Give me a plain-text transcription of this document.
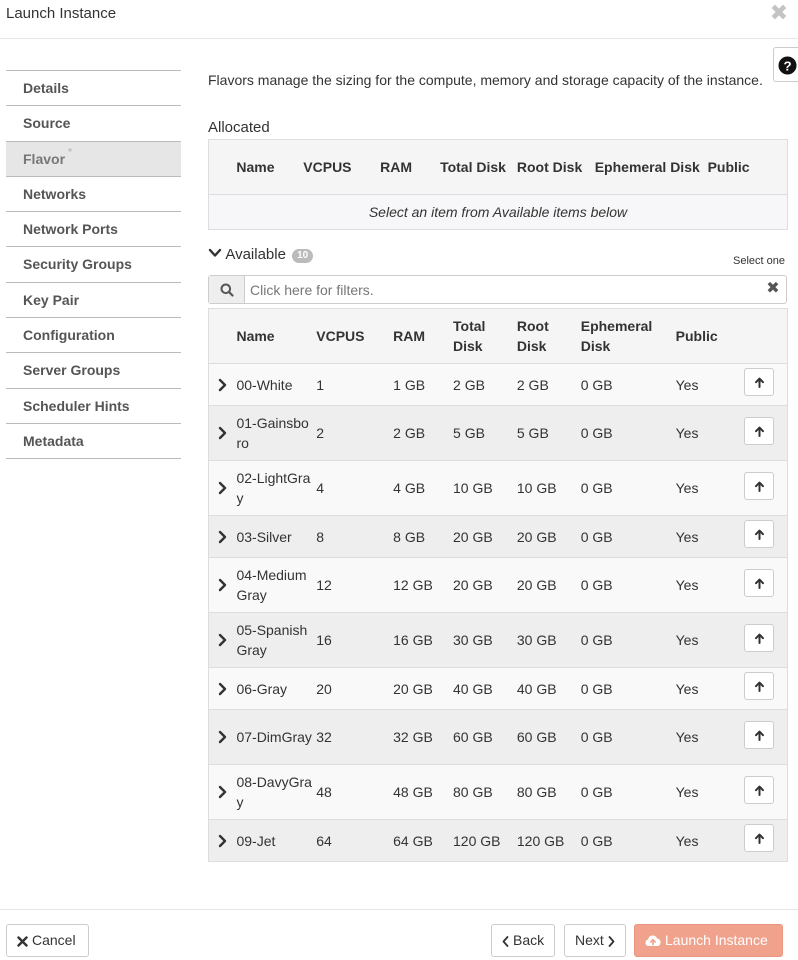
Launch Instance	✖
?
Details
Source
Flavor *
Networks
Network Ports
Security Groups
Key Pair
Configuration
Server Groups
Scheduler Hints
Metadata
Flavors manage the sizing for the compute, memory and storage capacity of the instance.
Allocated
	Name	VCPUS	RAM	Total Disk	Root Disk	Ephemeral Disk	Public
Select an item from Available items below
Available 10	Select one
Click here for filters.
✖
	Name	VCPUS	RAM	Total Disk	Root Disk	Ephemeral Disk	Public	

	00-White	1	1 GB	2 GB	2 GB	0 GB	Yes	

	01-Gainsboro	2	2 GB	5 GB	5 GB	0 GB	Yes	

	02-LightGray	4	4 GB	10 GB	10 GB	0 GB	Yes	

	03-Silver	8	8 GB	20 GB	20 GB	0 GB	Yes	

	04-MediumGray	12	12 GB	20 GB	20 GB	0 GB	Yes	

	05-SpanishGray	16	16 GB	30 GB	30 GB	0 GB	Yes	

	06-Gray	20	20 GB	40 GB	40 GB	0 GB	Yes	

	07-DimGray	32	32 GB	60 GB	60 GB	0 GB	Yes	

	08-DavyGray	48	48 GB	80 GB	80 GB	0 GB	Yes	

	09-Jet	64	64 GB	120 GB	120 GB	0 GB	Yes	
Cancel	Back	Next	Launch Instance
